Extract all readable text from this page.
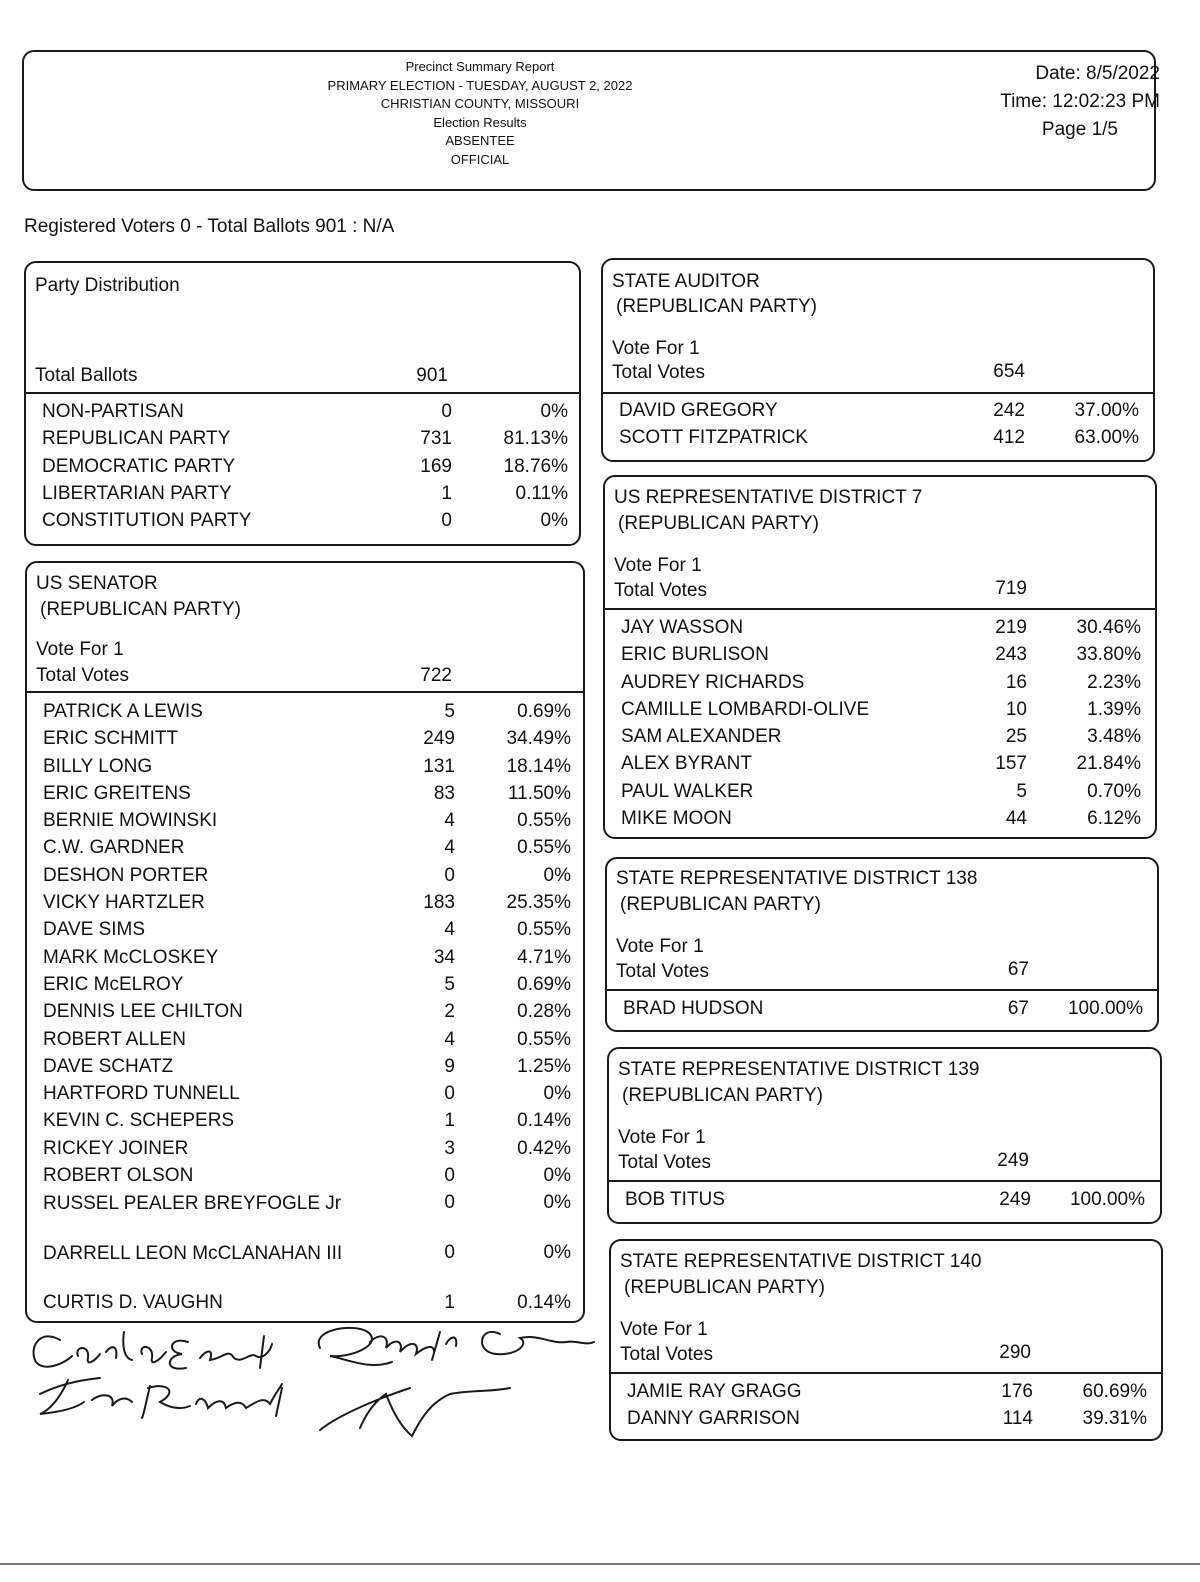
Precinct Summary Report
PRIMARY ELECTION - TUESDAY, AUGUST 2, 2022
CHRISTIAN COUNTY, MISSOURI
Election Results
ABSENTEE
OFFICIAL
Date: 8/5/2022
Time: 12:02:23 PM
Page 1/5
Registered Voters 0 - Total Ballots 901 : N/A
Party Distribution
Total Ballots	901
NON-PARTISAN	0	0%
REPUBLICAN PARTY	731	81.13%
DEMOCRATIC PARTY	169	18.76%
LIBERTARIAN PARTY	1	0.11%
CONSTITUTION PARTY	0	0%
US SENATOR
(REPUBLICAN PARTY)
Vote For 1
Total Votes	722
PATRICK A LEWIS	5	0.69%
ERIC SCHMITT	249	34.49%
BILLY LONG	131	18.14%
ERIC GREITENS	83	11.50%
BERNIE MOWINSKI	4	0.55%
C.W. GARDNER	4	0.55%
DESHON PORTER	0	0%
VICKY HARTZLER	183	25.35%
DAVE SIMS	4	0.55%
MARK McCLOSKEY	34	4.71%
ERIC McELROY	5	0.69%
DENNIS LEE CHILTON	2	0.28%
ROBERT ALLEN	4	0.55%
DAVE SCHATZ	9	1.25%
HARTFORD TUNNELL	0	0%
KEVIN C. SCHEPERS	1	0.14%
RICKEY JOINER	3	0.42%
ROBERT OLSON	0	0%
RUSSEL PEALER BREYFOGLE Jr	0	0%
DARRELL LEON McCLANAHAN III	0	0%
CURTIS D. VAUGHN	1	0.14%
STATE AUDITOR
(REPUBLICAN PARTY)
Vote For 1
Total Votes	654
DAVID GREGORY	242	37.00%
SCOTT FITZPATRICK	412	63.00%
US REPRESENTATIVE DISTRICT 7
(REPUBLICAN PARTY)
Vote For 1
Total Votes	719
JAY WASSON	219	30.46%
ERIC BURLISON	243	33.80%
AUDREY RICHARDS	16	2.23%
CAMILLE LOMBARDI-OLIVE	10	1.39%
SAM ALEXANDER	25	3.48%
ALEX BYRANT	157	21.84%
PAUL WALKER	5	0.70%
MIKE MOON	44	6.12%
STATE REPRESENTATIVE DISTRICT 138
(REPUBLICAN PARTY)
Vote For 1
Total Votes	67
BRAD HUDSON	67	100.00%
STATE REPRESENTATIVE DISTRICT 139
(REPUBLICAN PARTY)
Vote For 1
Total Votes	249
BOB TITUS	249	100.00%
STATE REPRESENTATIVE DISTRICT 140
(REPUBLICAN PARTY)
Vote For 1
Total Votes	290
JAMIE RAY GRAGG	176	60.69%
DANNY GARRISON	114	39.31%
